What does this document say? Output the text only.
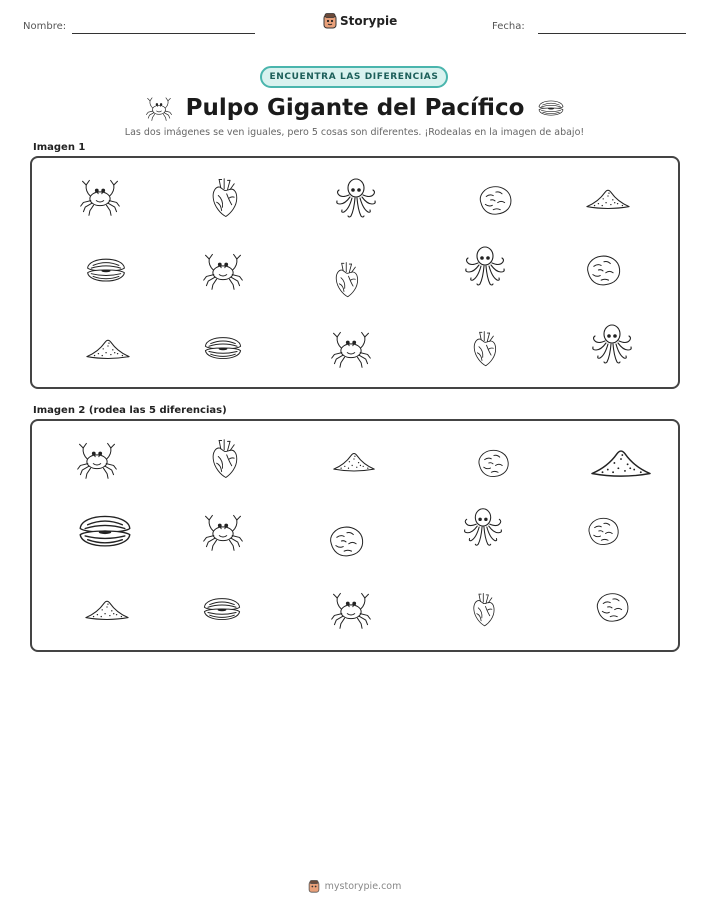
Nombre:	Storypie	Fecha:
ENCUENTRA LAS DIFERENCIAS
Pulpo Gigante del Pacífico
Las dos imágenes se ven iguales, pero 5 cosas son diferentes. ¡Rodealas en la imagen de abajo!
Imagen 1
Imagen 2 (rodea las 5 diferencias)
mystorypie.com
